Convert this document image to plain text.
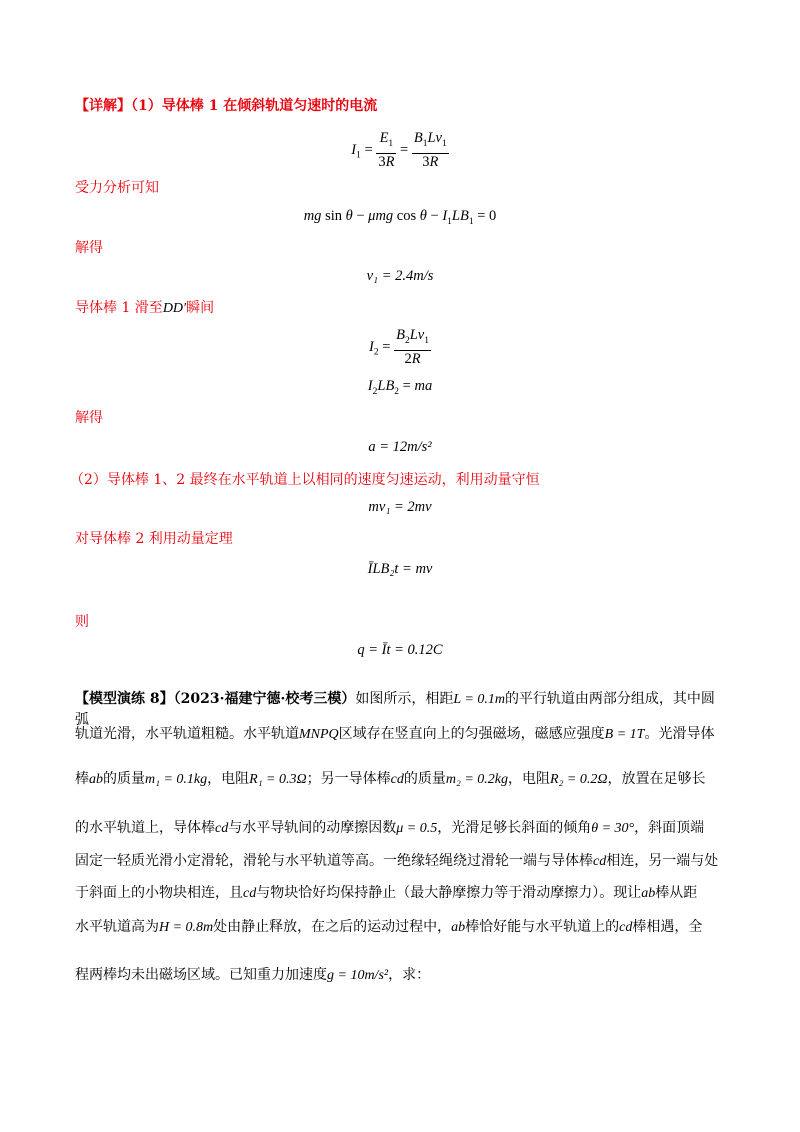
【详解】（1）导体棒 1 在倾斜轨道匀速时的电流
$I_1 = \frac{E_1}{3R} = \frac{B_1Lv_1}{3R}$
受力分析可知
mg sin θ − μmg $\cos \theta - I_1LB_1 = 0$
解得
v₁ = 2.4m/s
导体棒 1 滑至DD′瞬间
$I_2 = \frac{B_2Lv_1}{2R}$
$I_2LB_2$ = ma
解得
a = 12m/s²
（2）导体棒 1、2 最终在水平轨道上以相同的速度匀速运动，利用动量守恒
mv₁ = 2mv
对导体棒 2 利用动量定理
ĪLB₂t = mv
则
q = Īt = 0.12C
【模型演练 8】（2023·福建宁德·校考三模）如图所示，相距L = 0.1m的平行轨道由两部分组成，其中圆弧
轨道光滑，水平轨道粗糙。水平轨道MNPQ区域存在竖直向上的匀强磁场，磁感应强度B = 1T。光滑导体
棒ab的质量m₁ = 0.1kg，电阻R₁ = 0.3Ω；另一导体棒cd的质量m₂ = 0.2kg，电阻R₂ = 0.2Ω，放置在足够长
的水平轨道上，导体棒cd与水平导轨间的动摩擦因数μ = 0.5，光滑足够长斜面的倾角θ = 30°，斜面顶端
固定一轻质光滑小定滑轮，滑轮与水平轨道等高。一绝缘轻绳绕过滑轮一端与导体棒cd相连，另一端与处
于斜面上的小物块相连，且cd与物块恰好均保持静止（最大静摩擦力等于滑动摩擦力）。现让ab棒从距
水平轨道高为H = 0.8m处由静止释放，在之后的运动过程中，ab棒恰好能与水平轨道上的cd棒相遇，全
程两棒均未出磁场区域。已知重力加速度g = 10m/s²，求：
